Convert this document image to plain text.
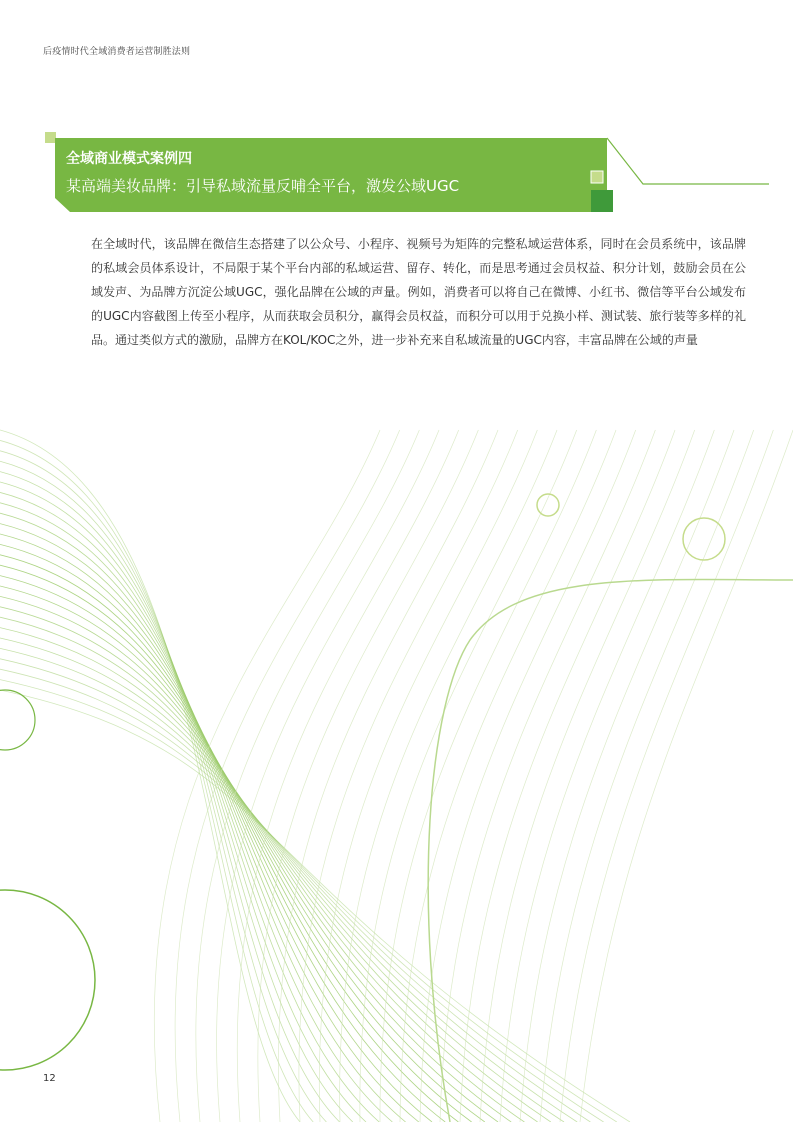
后疫情时代全域消费者运营制胜法则
全域商业模式案例四
某高端美妆品牌：引导私域流量反哺全平台，激发公域UGC
在全域时代，该品牌在微信生态搭建了以公众号、小程序、视频号为矩阵的完整私域运营体系，同时在会员系统中，该品牌的私域会员体系设计，不局限于某个平台内部的私域运营、留存、转化，而是思考通过会员权益、积分计划，鼓励会员在公域发声、为品牌方沉淀公域UGC，强化品牌在公域的声量。例如，消费者可以将自己在微博、小红书、微信等平台公域发布的UGC内容截图上传至小程序，从而获取会员积分，赢得会员权益，而积分可以用于兑换小样、测试装、旅行装等多样的礼品。通过类似方式的激励，品牌方在KOL/KOC之外，进一步补充来自私域流量的UGC内容，丰富品牌在公域的声量
12
